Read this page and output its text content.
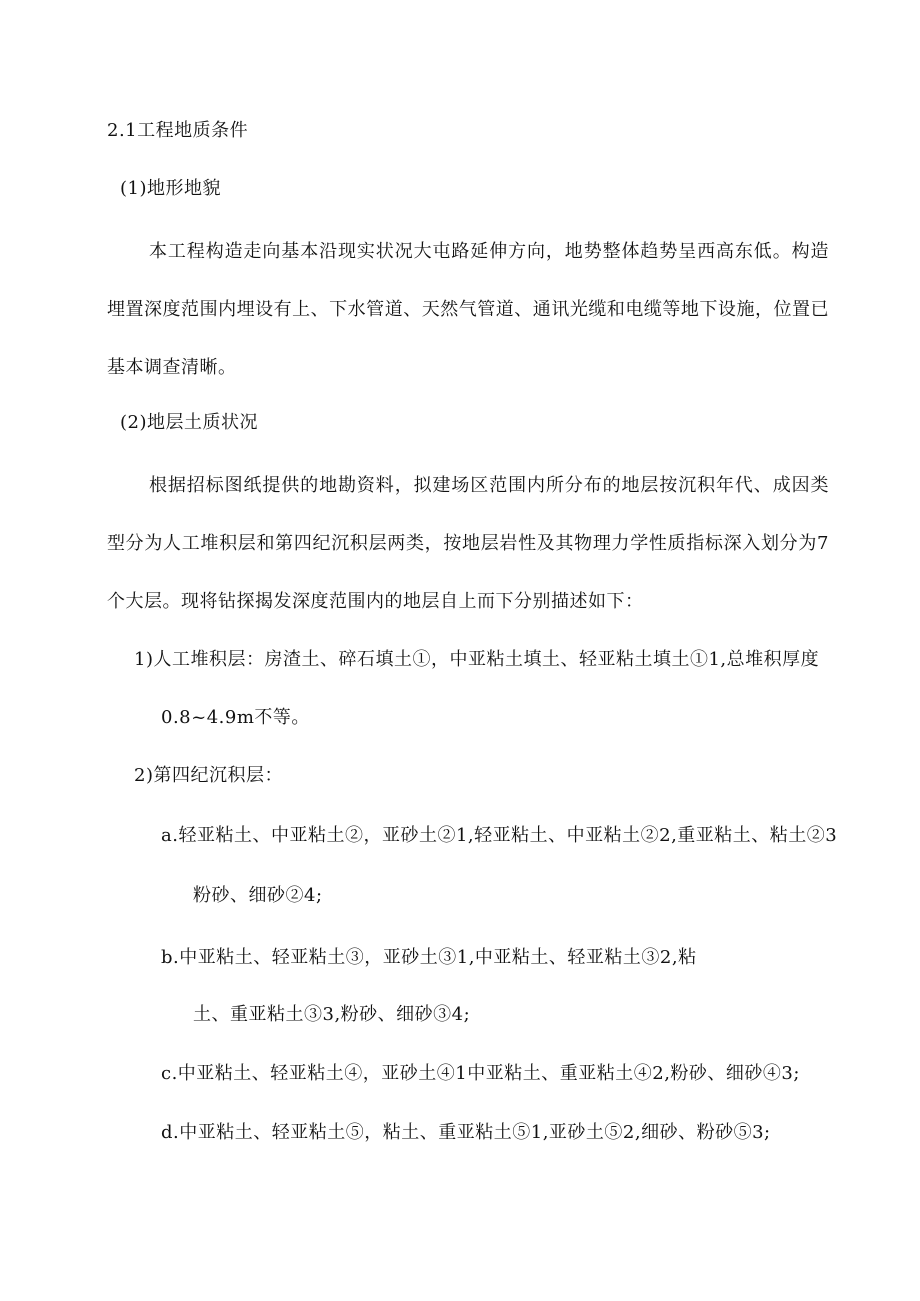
2.1工程地质条件
(1)地形地貌
本工程构造走向基本沿现实状况大屯路延伸方向，地势整体趋势呈西高东低。构造埋置深度范围内埋设有上、下水管道、天然气管道、通讯光缆和电缆等地下设施，位置已基本调查清晰。
(2)地层土质状况
根据招标图纸提供的地勘资料，拟建场区范围内所分布的地层按沉积年代、成因类型分为人工堆积层和第四纪沉积层两类，按地层岩性及其物理力学性质指标深入划分为7个大层。现将钻探揭发深度范围内的地层自上而下分别描述如下：
1)人工堆积层：房渣土、碎石填土①，中亚粘土填土、轻亚粘土填土①1,总堆积厚度
0.8~4.9m不等。
2)第四纪沉积层：
a.轻亚粘土、中亚粘土②，亚砂土②1,轻亚粘土、中亚粘土②2,重亚粘土、粘土②3
粉砂、细砂②4;
b.中亚粘土、轻亚粘土③，亚砂土③1,中亚粘土、轻亚粘土③2,粘
土、重亚粘土③3,粉砂、细砂③4;
c.中亚粘土、轻亚粘土④，亚砂土④1中亚粘土、重亚粘土④2,粉砂、细砂④3;
d.中亚粘土、轻亚粘土⑤，粘土、重亚粘土⑤1,亚砂土⑤2,细砂、粉砂⑤3;
